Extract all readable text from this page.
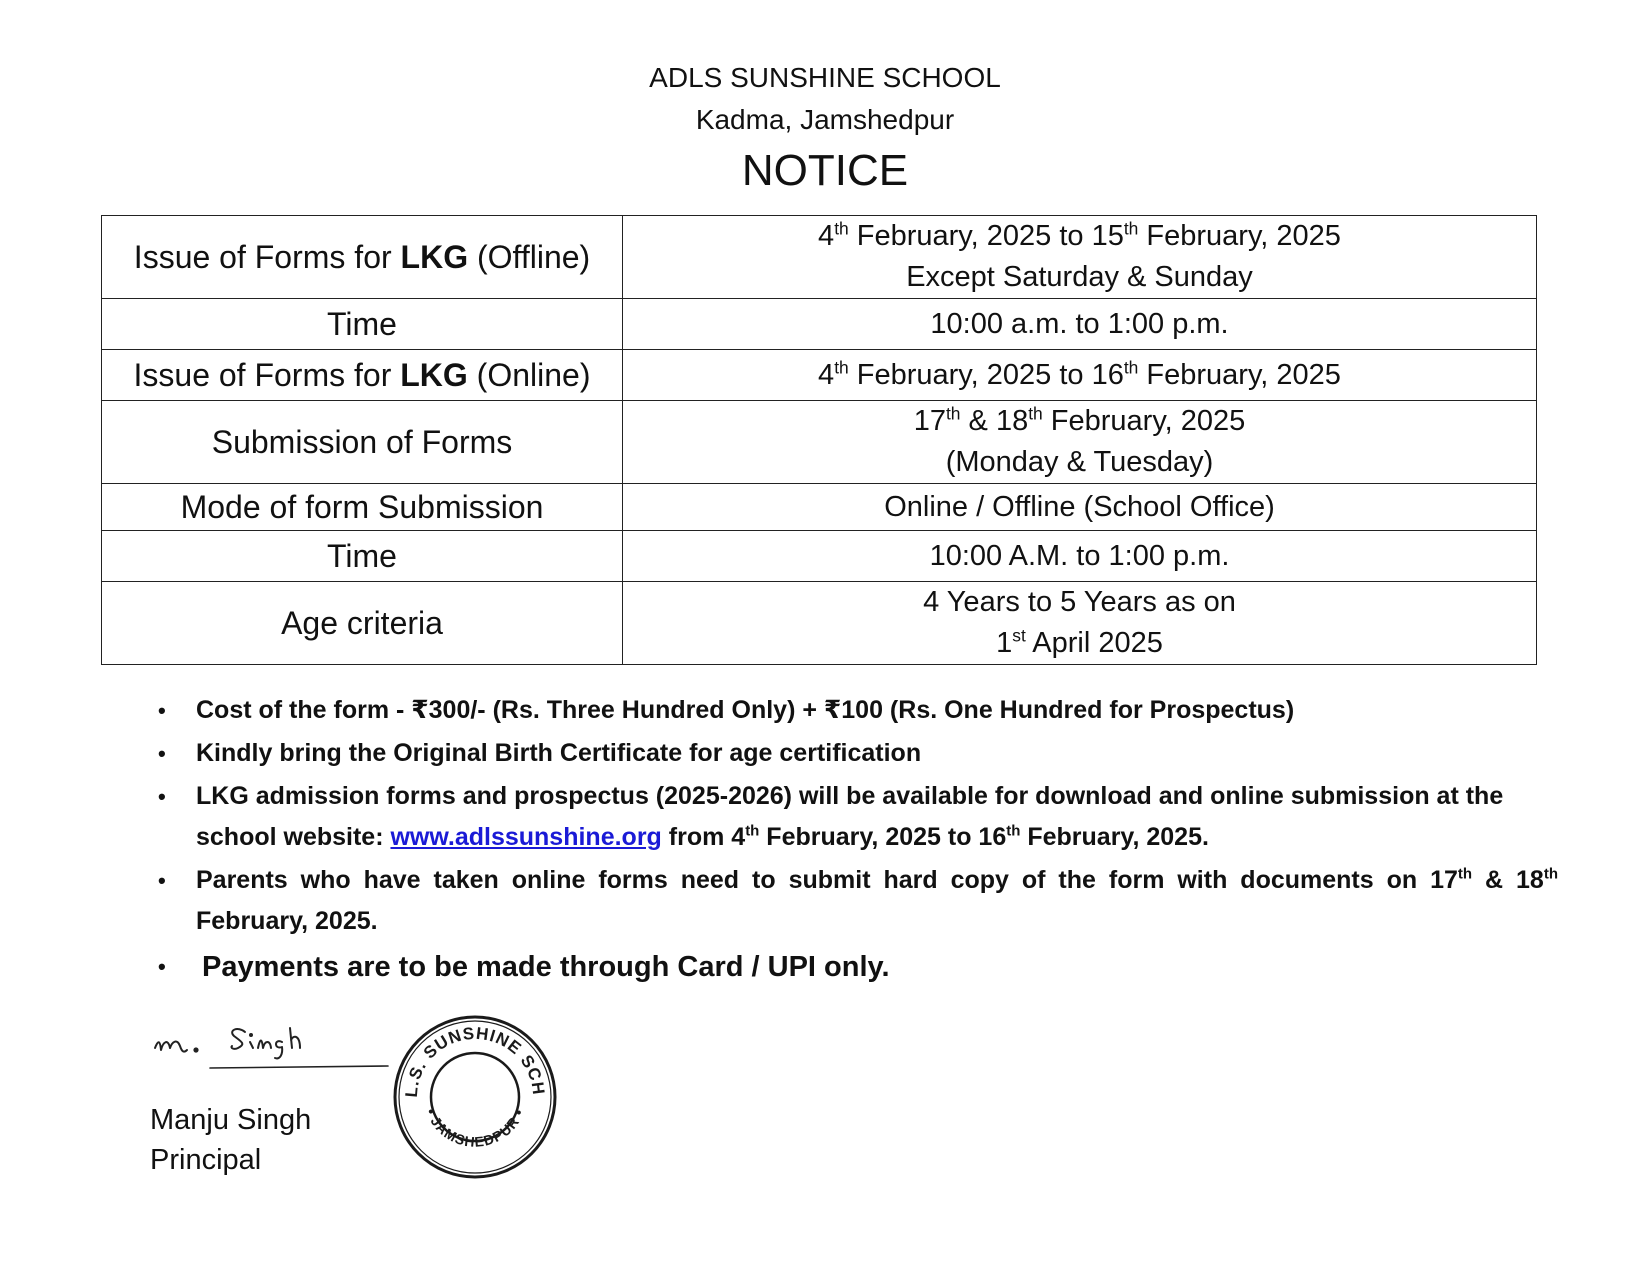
ADLS SUNSHINE SCHOOL
Kadma, Jamshedpur
NOTICE
Issue of Forms for LKG (Offline)	4th February, 2025 to 15th February, 2025
Except Saturday & Sunday

Time	10:00 a.m. to 1:00 p.m.
Issue of Forms for LKG (Online)	4th February, 2025 to 16th February, 2025
Submission of Forms	17th & 18th February, 2025
(Monday & Tuesday)

Mode of form Submission	Online / Offline (School Office)
Time	10:00 A.M. to 1:00 p.m.
Age criteria	4 Years to 5 Years as on
1st April 2025
• Cost of the form - ₹300/- (Rs. Three Hundred Only) + ₹100 (Rs. One Hundred for Prospectus)
• Kindly bring the Original Birth Certificate for age certification
• LKG admission forms and prospectus (2025-2026) will be available for download and online submission at the school website: www.adlssunshine.org from 4th February, 2025 to 16th February, 2025.
• Parents who have taken online forms need to submit hard copy of the form with documents on 17th & 18th February, 2025.
• Payments are to be made through Card / UPI only.
Manju Singh
Principal
L.S. SUNSHINE SCH
• JAMSHEDPUR •
